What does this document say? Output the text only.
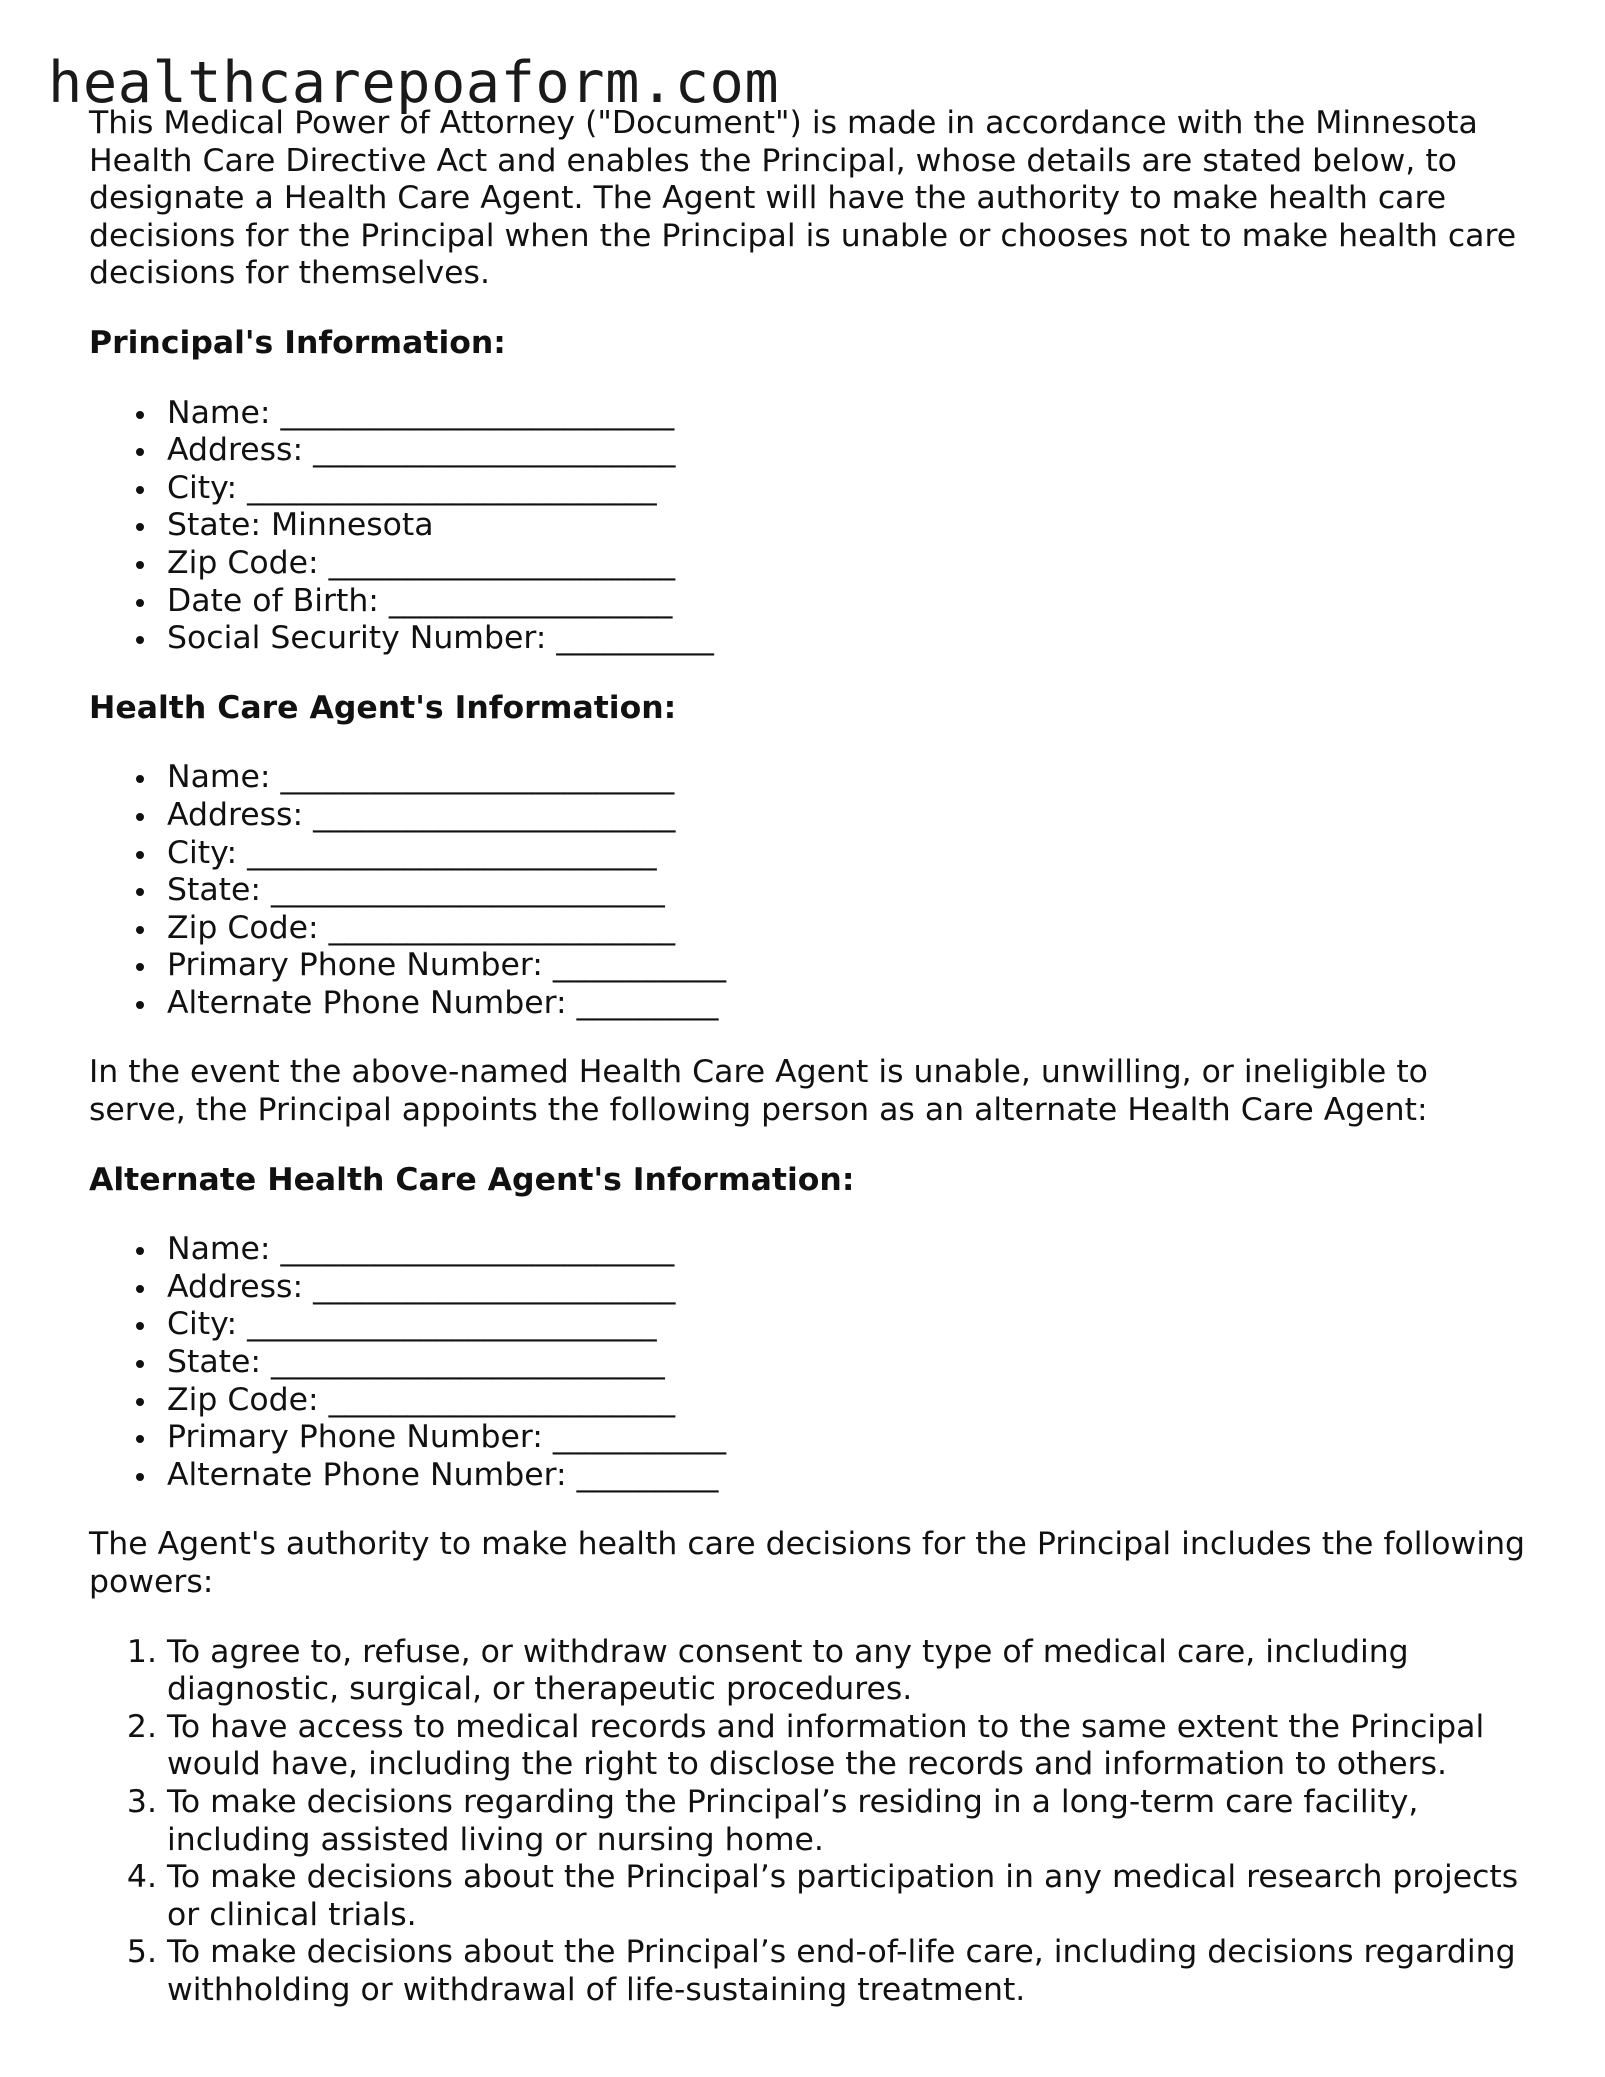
healthcarepoaform.com

This Medical Power of Attorney ("Document") is made in accordance with the Minnesota Health Care Directive Act and enables the Principal, whose details are stated below, to designate a Health Care Agent. The Agent will have the authority to make health care decisions for the Principal when the Principal is unable or chooses not to make health care decisions for themselves.

Principal's Information:

Name: _________________________
Address: _______________________
City: __________________________
State: Minnesota
Zip Code: ______________________
Date of Birth: __________________
Social Security Number: __________

Health Care Agent's Information:

Name: _________________________
Address: _______________________
City: __________________________
State: _________________________
Zip Code: ______________________
Primary Phone Number: ___________
Alternate Phone Number: _________

In the event the above-named Health Care Agent is unable, unwilling, or ineligible to serve, the Principal appoints the following person as an alternate Health Care Agent:

Alternate Health Care Agent's Information:

Name: _________________________
Address: _______________________
City: __________________________
State: _________________________
Zip Code: ______________________
Primary Phone Number: ___________
Alternate Phone Number: _________

The Agent's authority to make health care decisions for the Principal includes the following powers:

1. To agree to, refuse, or withdraw consent to any type of medical care, including diagnostic, surgical, or therapeutic procedures.
2. To have access to medical records and information to the same extent the Principal would have, including the right to disclose the records and information to others.
3. To make decisions regarding the Principal’s residing in a long-term care facility, including assisted living or nursing home.
4. To make decisions about the Principal’s participation in any medical research projects or clinical trials.
5. To make decisions about the Principal’s end-of-life care, including decisions regarding withholding or withdrawal of life-sustaining treatment.
